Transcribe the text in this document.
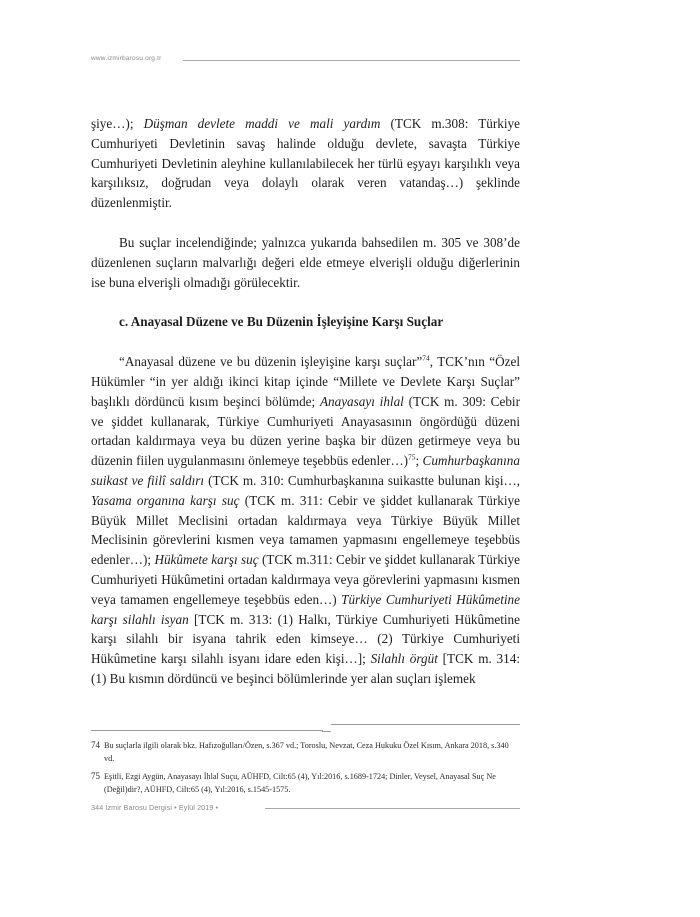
www.izmirbarosu.org.tr

şiye…); Düşman devlete maddi ve mali yardım (TCK m.308: Türkiye Cumhuriyeti Devletinin savaş halinde olduğu devlete, savaşta Türkiye Cumhuriyeti Devletinin aleyhine kullanılabilecek her türlü eşyayı karşılıklı veya karşılıksız, doğrudan veya dolaylı olarak veren vatandaş…) şeklinde düzenlenmiştir.

Bu suçlar incelendiğinde; yalnızca yukarıda bahsedilen m. 305 ve 308’de düzenlenen suçların malvarlığı değeri elde etmeye elverişli olduğu diğerlerinin ise buna elverişli olmadığı görülecektir.

c. Anayasal Düzene ve Bu Düzenin İşleyişine Karşı Suçlar

“Anayasal düzene ve bu düzenin işleyişine karşı suçlar”$^{74}$, TCK’nın “Özel Hükümler “in yer aldığı ikinci kitap içinde “Millete ve Devlete Karşı Suçlar” başlıklı dördüncü kısım beşinci bölümde; Anayasayı ihlal (TCK m. 309: Cebir ve şiddet kullanarak, Türkiye Cumhuriyeti Anayasasının öngördüğü düzeni ortadan kaldırmaya veya bu düzen yerine başka bir düzen getirmeye veya bu düzenin fiilen uygulanmasını önlemeye teşebbüs edenler…)$^{75}$; Cumhurbaşkanına suikast ve fiilî saldırı (TCK m. 310: Cumhurbaşkanına suikastte bulunan kişi…, Yasama organına karşı suç (TCK m. 311: Cebir ve şiddet kullanarak Türkiye Büyük Millet Meclisini ortadan kaldırmaya veya Türkiye Büyük Millet Meclisinin görevlerini kısmen veya tamamen yapmasını engellemeye teşebbüs edenler…); Hükûmete karşı suç (TCK m.311: Cebir ve şiddet kullanarak Türkiye Cumhuriyeti Hükûmetini ortadan kaldırmaya veya görevlerini yapmasını kısmen veya tamamen engellemeye teşebbüs eden…) Türkiye Cumhuriyeti Hükûmetine karşı silahlı isyan [TCK m. 313: (1) Halkı, Türkiye Cumhuriyeti Hükûmetine karşı silahlı bir isyana tahrik eden kimseye… (2) Türkiye Cumhuriyeti Hükûmetine karşı silahlı isyanı idare eden kişi…]; Silahlı örgüt [TCK m. 314: (1) Bu kısmın dördüncü ve beşinci bölümlerinde yer alan suçları işlemek

74 Bu suçlarla ilgili olarak bkz. Hafızoğulları/Özen, s.367 vd.; Toroslu, Nevzat, Ceza Hukuku Özel Kısım, Ankara 2018, s.340 vd.

75 Eşitli, Ezgi Aygün, Anayasayı İhlal Suçu, AÜHFD, Cilt:65 (4), Yıl:2016, s.1689-1724; Dinler, Veysel, Anayasal Suç Ne (Değil)dir?, AÜHFD, Cilt:65 (4), Yıl:2016, s.1545-1575.

344 İzmir Barosu Dergisi • Eylül 2019 •
